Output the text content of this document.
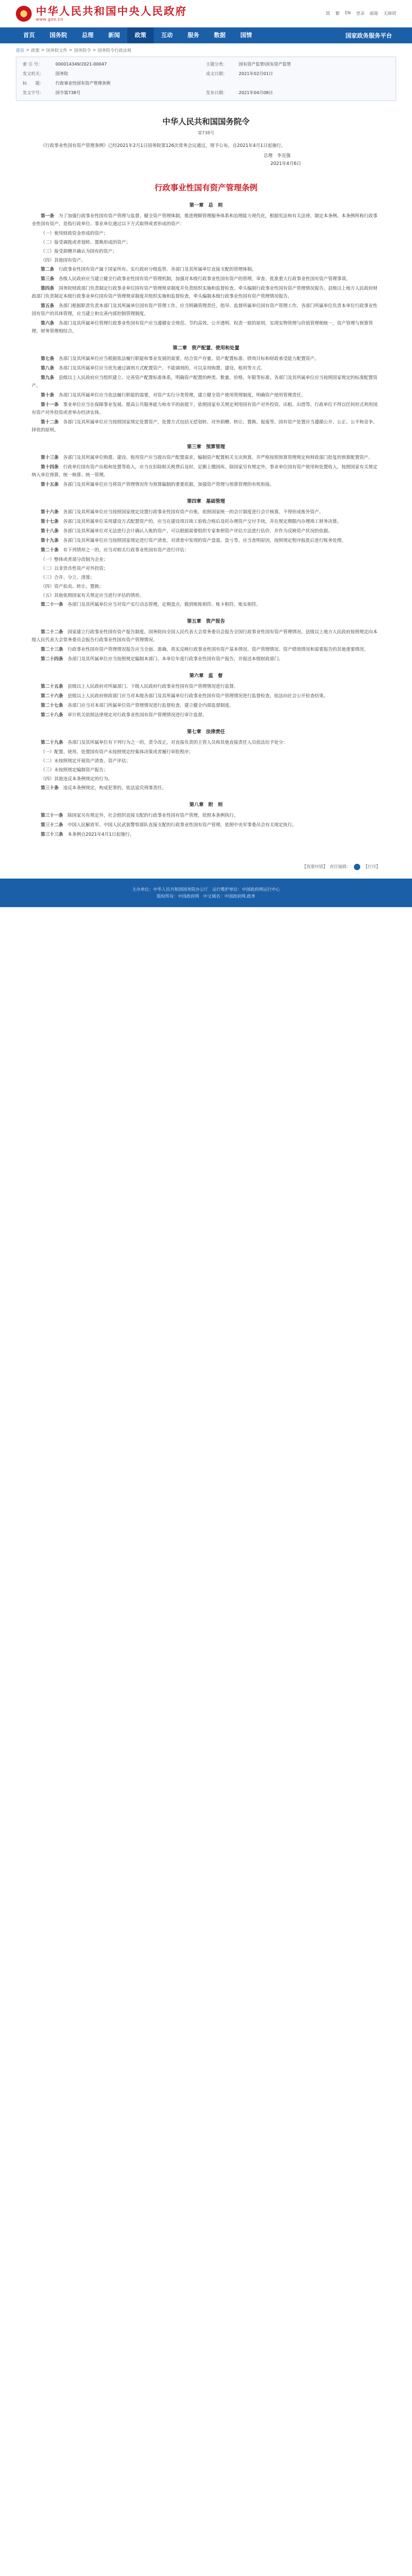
★ 中华人民共和国中央人民政府
www.gov.cn
简 繁 EN 登录 邮箱 无障碍
首页	国务院	总理	新闻	政策	互动	服务	数据	国情	国家政务服务平台
首页 > 政策 > 国务院文件 > 国务院令 > 国务院令行政法规
索 引 号：	000014349/2021-00047	主题分类：	国有资产监管\国有资产监管
发文机关：	国务院	成文日期：	2021年02月01日
标　　题：	行政事业性国有资产管理条例
发文字号：	国令第738号	发布日期：	2021年04月08日
中华人民共和国国务院令
第738号

《行政事业性国有资产管理条例》已经2021年2月1日国务院第126次常务会议通过，现予公布，自2021年4月1日起施行。

总理　李克强
2021年4月6日
行政事业性国有资产管理条例
第一章　总　则

第一条　 为了加强行政事业性国有资产管理与监督，健全资产管理体制，推进理顺管理服务体系和治理能力现代化，根据宪法和有关法律，制定本条例。本条例所称行政事业性国有资产，是指行政单位、事业单位通过以下方式取得或者形成的资产：

（一）使用财政资金形成的资产；

（二）接受调拨或者划转、置换形成的资产；

（三）接受捐赠并确认为国有的资产；

（四）其他国有资产。

第二条　 行政事业性国有资产属于国家所有。实行政府分级监管、各部门及其所属单位直接支配的管理体制。

第三条　 各级人民政府应当建立健全行政事业性国有资产管理机制，加强对本级行政事业性国有资产的管理，审查、批准重大行政事业性国有资产管理事项。

第四条　 国务院财政部门负责制定行政事业单位国有资产管理规章制度并负责组织实施和监督检查，牵头编制行政事业性国有资产管理情况报告。县级以上地方人民政府财政部门负责制定本级行政事业单位国有资产管理规章制度并组织实施和监督检查，牵头编制本级行政事业性国有资产管理情况报告。

第五条　 各部门根据职责负责本部门及其所属单位国有资产管理工作，应当明确管理责任，指导、监督所属单位国有资产管理工作。各部门所属单位负责本单位行政事业性国有资产的具体管理，应当建立和完善内部控制管理制度。

第六条　 各部门及其所属单位管理行政事业性国有资产应当遵循安全规范、节约高效、公开透明、权责一致的原则，实现实物管理与价值管理相统一，资产管理与预算管理、财务管理相结合。

第二章　资产配置、使用和处置

第七条　 各部门及其所属单位应当根据依法履行职能和事业发展的需要，结合资产存量、资产配置标准、绩效目标和财政承受能力配置资产。

第八条　 各部门及其所属单位应当优先通过调剂方式配置资产。不能调剂的，可以采用购置、建设、租用等方式。

第九条　 县级以上人民政府应当组织建立、完善资产配置标准体系，明确资产配置的种类、数量、价格、年限等标准。各部门及其所属单位应当按照国家规定的标准配置资产。

第十条　 各部门及其所属单位应当依法履行职能的需要，对资产实行分类管理，建立健全资产使用管理制度，明确资产使用管理责任。

第十一条　 事业单位应当在保障事业发展、提高公共服务能力和水平的前提下，依照国家有关规定利用国有资产对外投资、出租、出借等。行政单位不得以任何形式利用国有资产对外投资或者举办经济实体。

第十二条　 各部门及其所属单位应当按照国家规定处置资产，处置方式包括无偿划转、对外捐赠、转让、置换、报废等。国有资产处置应当遵循公开、公正、公平和竞争、择优的原则。

第三章　预算管理

第十三条　 各部门及其所属单位购置、建设、租用资产应当提出资产配置需求，编制资产配置相关支出预算，并严格按照预算管理规定和财政部门批复的预算配置资产。

第十四条　 行政单位国有资产出租和处置等收入，应当在扣除相关税费后及时、足额上缴国库。除国家另有规定外，事业单位国有资产使用和处置收入，按照国家有关规定纳入单位预算，统一核算、统一管理。

第十五条　 各部门及其所属单位应当将资产管理情况作为预算编制的重要依据，加强资产管理与预算管理的有机衔接。

第四章　基础管理

第十六条　 各部门及其所属单位应当按照国家规定设置行政事业性国有资产台账，依照国家统一的会计制度进行会计核算，不得形成账外资产。

第十七条　 各部门及其所属单位采用建设方式配置资产的，应当在建设项目竣工验收合格后及时办理资产交付手续，并在规定期限内办理竣工财务决算。

第十八条　 各部门及其所属单位对无法进行会计确认入账的资产，可以根据需要组织专家参照资产评估方法进行估价，并作为反映资产状况的依据。

第十九条　 各部门及其所属单位应当按照国家规定进行资产清查，对清查中发现的资产盘盈、盘亏等，应当查明原因，按照规定程序报批后进行账务处理。

第二十条　 有下列情形之一的，应当对相关行政事业性国有资产进行评估：

（一）整体或者部分改制为企业；

（二）以非货币性资产对外投资；

（三）合并、分立、清算；

（四）资产拍卖、转让、置换；

（五）其他依照国家有关规定应当进行评估的情形。

第二十一条　 各部门及其所属单位应当对资产实行动态管理，定期盘点，做到账账相符、账卡相符、账实相符。

第五章　资产报告

第二十二条　 国家建立行政事业性国有资产报告制度。国务院向全国人民代表大会常务委员会报告全国行政事业性国有资产管理情况。县级以上地方人民政府按照规定向本级人民代表大会常务委员会报告行政事业性国有资产管理情况。

第二十三条　 行政事业性国有资产管理情况报告应当全面、准确、真实反映行政事业性国有资产基本情况、资产管理情况、资产绩效情况和需要报告的其他重要情况。

第二十四条　 各部门及其所属单位应当按照规定编制本部门、本单位年度行政事业性国有资产报告，并报送本级财政部门。

第六章　监　督

第二十五条　 县级以上人民政府对所属部门、下级人民政府行政事业性国有资产管理情况进行监督。

第二十六条　 县级以上人民政府财政部门应当对本级各部门及其所属单位行政事业性国有资产管理情况进行监督检查，依法向社会公开检查结果。

第二十七条　 各部门应当对本部门所属单位资产管理情况进行监督检查，建立健全内部监督制度。

第二十八条　 审计机关依照法律规定对行政事业性国有资产管理情况进行审计监督。

第七章　法律责任

第二十九条　 各部门及其所属单位有下列行为之一的，责令改正，对直接负责的主管人员和其他直接责任人员依法给予处分：

（一）配置、使用、处置国有资产未按照规定经集体决策或者履行审批程序；

（二）未按照规定开展资产清查、资产评估；

（三）未按照规定编制资产报告；

（四）其他违反本条例规定的行为。

第三十条　 违反本条例规定，构成犯罪的，依法追究刑事责任。

第八章　附　则

第三十一条　 除国家另有规定外，社会组织直接支配的行政事业性国有资产管理，依照本条例执行。

第三十二条　 中国人民解放军、中国人民武装警察部队直接支配的行政事业性国有资产管理，依照中央军事委员会有关规定执行。

第三十三条　 本条例自2021年4月1日起施行。

【我要纠错】　责任编辑：	【打印】
主办单位：中华人民共和国国务院办公厅　运行维护单位：中国政府网运行中心
版权所有：中国政府网　中文域名：中国政府网.政务
